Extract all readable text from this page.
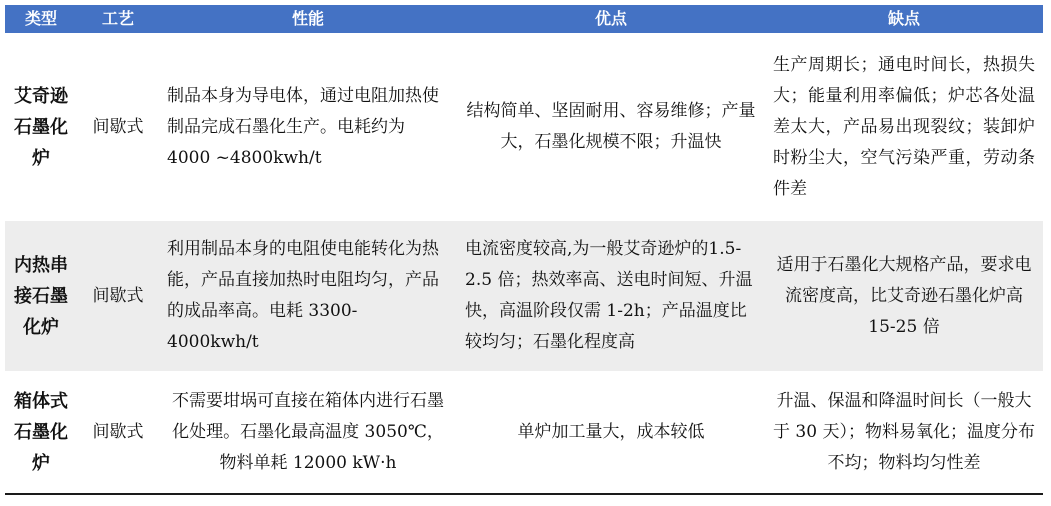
类型	工艺	性能	优点	缺点
艾奇逊石墨化炉	间歇式	制品本身为导电体，通过电阻加热使制品完成石墨化生产。电耗约为 4000 ~4800kwh/t	结构简单、坚固耐用、容易维修；产量大，石墨化规模不限；升温快	生产周期长；通电时间长，热损失大；能量利用率偏低；炉芯各处温差太大，产品易出现裂纹；装卸炉时粉尘大，空气污染严重，劳动条件差
内热串接石墨化炉	间歇式	利用制品本身的电阻使电能转化为热能，产品直接加热时电阻均匀，产品的成品率高。电耗 3300-4000kwh/t	电流密度较高,为一般艾奇逊炉的1.5-2.5 倍；热效率高、送电时间短、升温快，高温阶段仅需 1-2h；产品温度比较均匀；石墨化程度高	适用于石墨化大规格产品，要求电流密度高，比艾奇逊石墨化炉高 15-25 倍
箱体式石墨化炉	间歇式	不需要坩埚可直接在箱体内进行石墨化处理。石墨化最高温度 3050℃，物料单耗 12000 kW·h	单炉加工量大，成本较低	升温、保温和降温时间长（一般大于 30 天）；物料易氧化；温度分布不均；物料均匀性差
